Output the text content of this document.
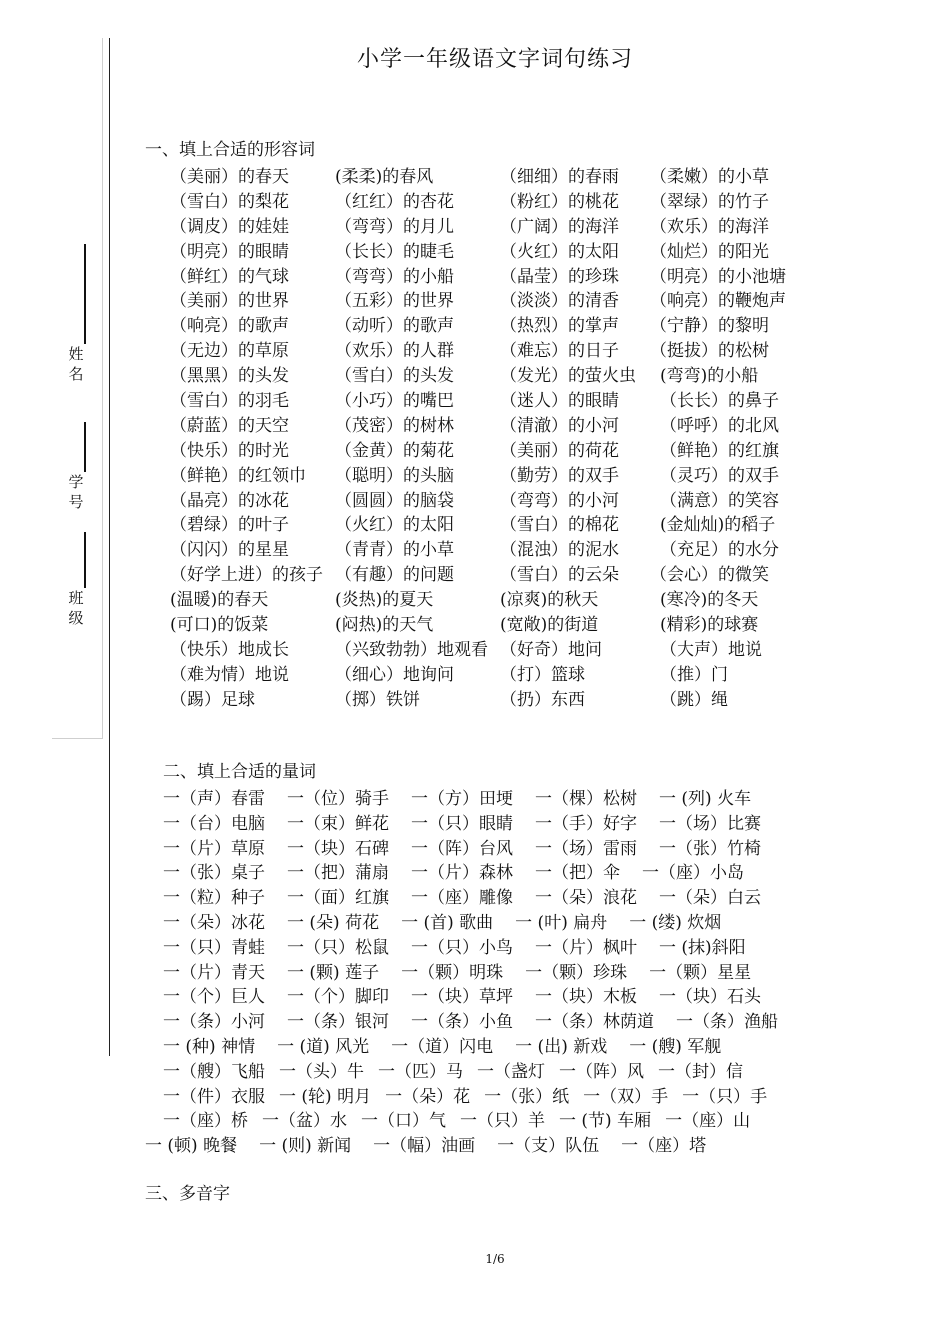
姓名
学号
班级
小学一年级语文字词句练习
一、填上合适的形容词
（美丽）的春天	(柔柔)的春风	（细细）的春雨 （柔嫩）的小草
（雪白）的梨花	（红红）的杏花	（粉红）的桃花 （翠绿）的竹子
（调皮）的娃娃	（弯弯）的月儿	（广阔）的海洋 （欢乐）的海洋
（明亮）的眼睛	（长长）的睫毛	（火红）的太阳 （灿烂）的阳光
（鲜红）的气球	（弯弯）的小船	（晶莹）的珍珠 （明亮）的小池塘
（美丽）的世界	（五彩）的世界	（淡淡）的清香 （响亮）的鞭炮声
（响亮）的歌声	（动听）的歌声	（热烈）的掌声 （宁静）的黎明
（无边）的草原	（欢乐）的人群	（难忘）的日子 （挺拔）的松树
（黑黑）的头发	（雪白）的头发	（发光）的萤火虫 (弯弯)的小船
（雪白）的羽毛	（小巧）的嘴巴	（迷人）的眼睛 （长长）的鼻子
（蔚蓝）的天空	（茂密）的树林	（清澈）的小河 （呼呼）的北风
（快乐）的时光	（金黄）的菊花	（美丽）的荷花 （鲜艳）的红旗
（鲜艳）的红领巾 （聪明）的头脑	（勤劳）的双手 （灵巧）的双手
（晶亮）的冰花	（圆圆）的脑袋	（弯弯）的小河 （满意）的笑容
（碧绿）的叶子	（火红）的太阳	（雪白）的棉花 (金灿灿)的稻子
（闪闪）的星星	（青青）的小草	（混浊）的泥水 （充足）的水分
（好学上进）的孩子 （有趣）的问题	（雪白）的云朵 （会心）的微笑
(温暖)的春天	(炎热)的夏天	(凉爽)的秋天	(寒冷)的冬天
(可口)的饭菜	(闷热)的天气	(宽敞)的街道	(精彩)的球赛
（快乐）地成长	（兴致勃勃）地观看 （好奇）地问	（大声）地说
（难为情）地说	（细心）地询问	（打）篮球	（推）门
（踢）足球	（掷）铁饼	（扔）东西	（跳）绳
二、填上合适的量词
一（声）春雷 一（位）骑手 一（方）田埂 一（棵）松树 一 (列) 火车
一（台）电脑 一（束）鲜花 一（只）眼睛 一（手）好字 一（场）比赛
一（片）草原 一（块）石碑 一（阵）台风 一（场）雷雨 一（张）竹椅
一（张）桌子 一（把）蒲扇 一（片）森林 一（把）伞 一（座）小岛
一（粒）种子 一（面）红旗 一（座）雕像 一（朵）浪花 一（朵）白云
一（朵）冰花 一 (朵) 荷花 一 (首) 歌曲 一 (叶) 扁舟 一 (缕) 炊烟
一（只）青蛙 一（只）松鼠 一（只）小鸟 一（片）枫叶 一 (抹)斜阳
一（片）青天 一 (颗) 莲子 一（颗）明珠 一（颗）珍珠 一（颗）星星
一（个）巨人 一（个）脚印 一（块）草坪 一（块）木板 一（块）石头
一（条）小河 一（条）银河 一（条）小鱼 一（条）林荫道 一（条）渔船
一 (种) 神情 一 (道) 风光 一（道）闪电 一 (出) 新戏 一 (艘) 军舰
一（艘）飞船 一（头）牛 一（匹）马 一（盏灯 一（阵）风 一（封）信
一（件）衣服 一 (轮) 明月 一（朵）花 一（张）纸 一（双）手 一（只）手
一（座）桥 一（盆）水 一（口）气 一（只）羊 一 (节) 车厢 一（座）山
一 (顿) 晚餐 一 (则) 新闻 一（幅）油画 一（支）队伍 一（座）塔
三、多音字
1/6
